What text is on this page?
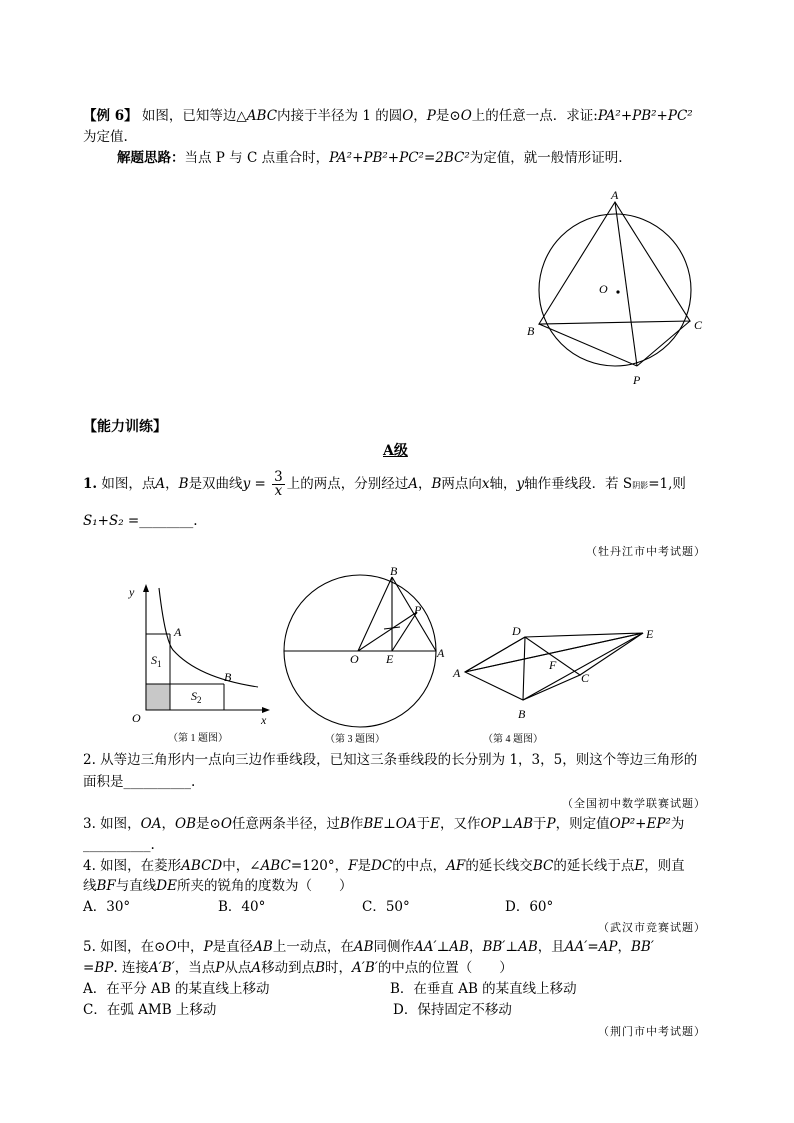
【例 6】 如图，已知等边△ABC内接于半径为 1 的圆O，P是⊙O上的任意一点．求证:PA²+PB²+PC²
为定值.
解题思路：当点 P 与 C 点重合时，PA²+PB²+PC²=2BC²为定值，就一般情形证明.
A
O
B	C
P
【能力训练】
A级
1. 如图，点A，B是双曲线$y = \frac{3}{x}$ 上的两点，分别经过A，B两点向x轴，y轴作垂线段．若 S阴影=1,则
S₁+S₂ =________.
（牡丹江市中考试题）
y
x
O
A
B
$S_1$
$S_2$
（第 1 题图）
B
P
O E	A
（第 3 题图）
D	E
F
A	C
B
（第 4 题图）
2. 从等边三角形内一点向三边作垂线段，已知这三条垂线段的长分别为 1，3，5，则这个等边三角形的
面积是__________.
（全国初中数学联赛试题）
3. 如图，OA，OB是⊙O任意两条半径，过B作BE⊥OA于E，又作OP⊥AB于P，则定值OP²+EP²为
__________.
4. 如图，在菱形ABCD中，∠ABC=120°，F是DC的中点，AF的延长线交BC的延长线于点E，则直
线BF与直线DE所夹的锐角的度数为（　　）
A．30°	B．40°	C．50°	D．60°
（武汉市竞赛试题）
5. 如图，在⊙O中，P是直径AB上一动点，在AB同侧作AA′⊥AB，BB′⊥AB，且AA′=AP，BB′
=BP. 连接A′B′，当点P从点A移动到点B时，A′B′的中点的位置（　　）
A．在平分 AB 的某直线上移动	B．在垂直 AB 的某直线上移动
C．在弧 AMB 上移动	D．保持固定不移动
（荆门市中考试题）
